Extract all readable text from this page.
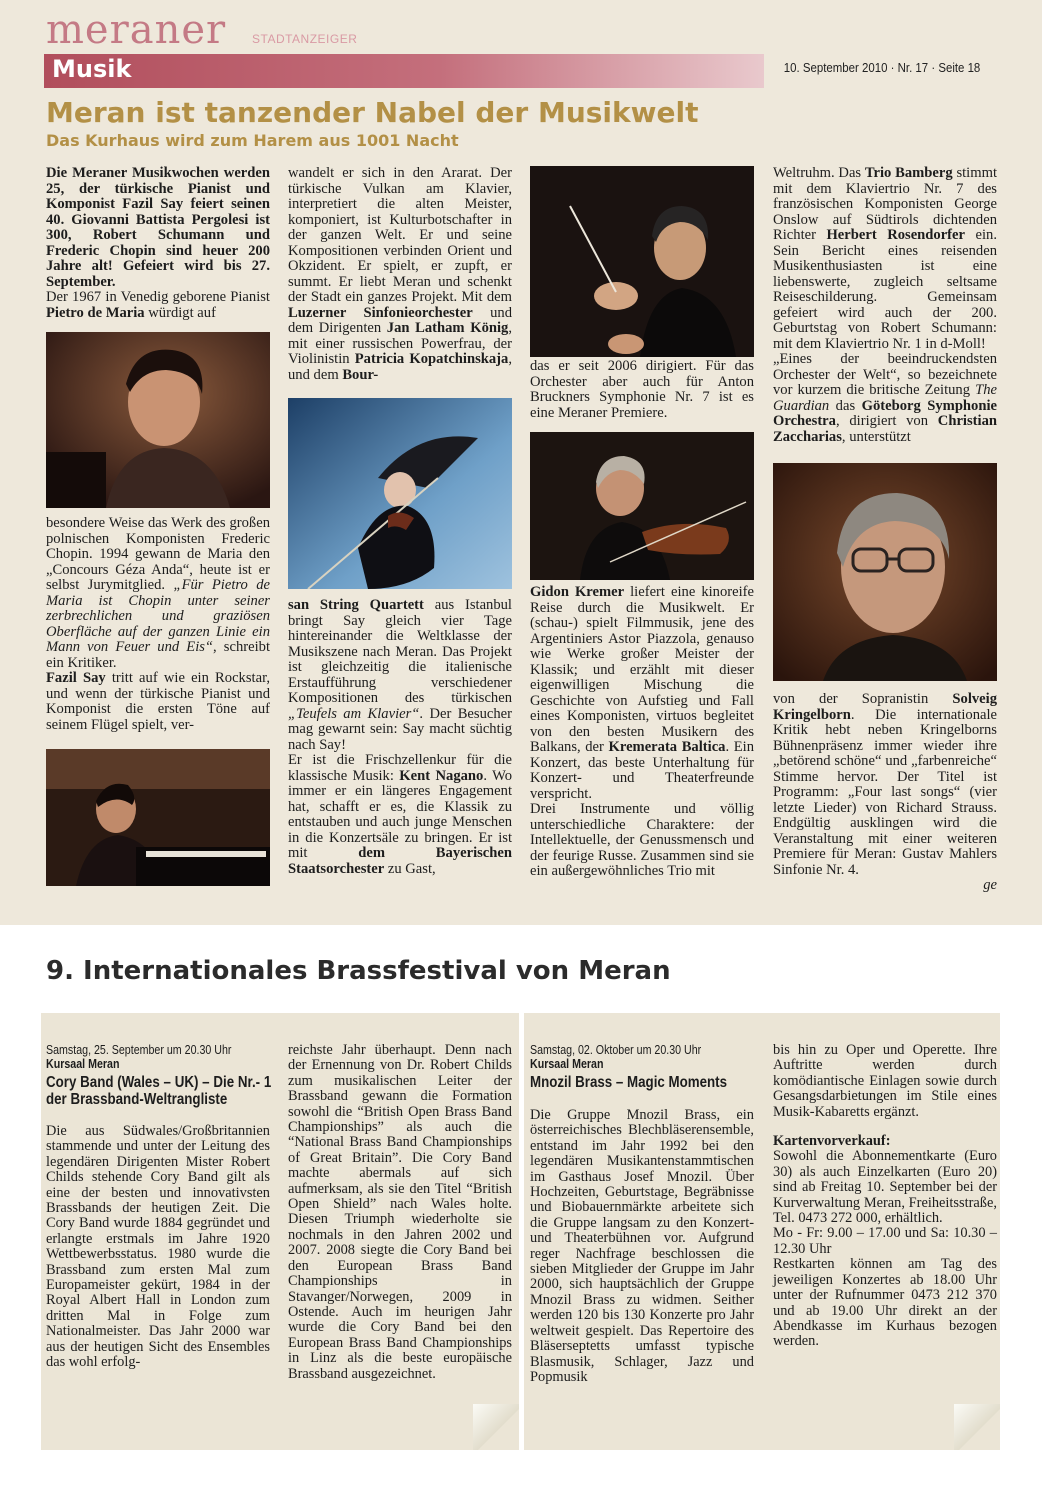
meraner STADTANZEIGER
Musik	10. September 2010 · Nr. 17 · Seite 18
Meran ist tanzender Nabel der Musikwelt
Das Kurhaus wird zum Harem aus 1001 Nacht

Die Meraner Musikwochen werden 25, der türkische Pianist und Komponist Fazil Say feiert seinen 40. Giovanni Battista Pergolesi ist 300, Robert Schumann und Frederic Chopin sind heuer 200 Jahre alt! Gefeiert wird bis 27. September.

Der 1967 in Venedig geborene Pianist Pietro de Maria würdigt auf

besondere Weise das Werk des großen polnischen Komponisten Frederic Chopin. 1994 gewann de Maria den „Concours Géza Anda“, heute ist er selbst Jurymitglied. „Für Pietro de Maria ist Chopin unter seiner zerbrechlichen und graziösen Oberfläche auf der ganzen Linie ein Mann von Feuer und Eis“, schreibt ein Kritiker.

Fazil Say tritt auf wie ein Rockstar, und wenn der türkische Pianist und Komponist die ersten Töne auf seinem Flügel spielt, ver-

wandelt er sich in den Ararat. Der türkische Vulkan am Klavier, interpretiert die alten Meister, komponiert, ist Kulturbotschafter in der ganzen Welt. Er und seine Kompositionen verbinden Orient und Okzident. Er spielt, er zupft, er summt. Er liebt Meran und schenkt der Stadt ein ganzes Projekt. Mit dem Luzerner Sinfonieorchester und dem Dirigenten Jan Latham König, mit einer russischen Powerfrau, der Violinistin Patricia Kopatchinskaja, und dem Bour-

san String Quartett aus Istanbul bringt Say gleich vier Tage hintereinander die Weltklasse der Musikszene nach Meran. Das Projekt ist gleichzeitig die italienische Erstaufführung verschiedener Kompositionen des türkischen „Teufels am Klavier“. Der Besucher mag gewarnt sein: Say macht süchtig nach Say!

Er ist die Frischzellenkur für die klassische Musik: Kent Nagano. Wo immer er ein längeres Engagement hat, schafft er es, die Klassik zu entstauben und auch junge Menschen in die Konzertsäle zu bringen. Er ist mit dem Bayerischen Staatsorchester zu Gast,

das er seit 2006 dirigiert. Für das Orchester aber auch für Anton Bruckners Symphonie Nr. 7 ist es eine Meraner Premiere.

Gidon Kremer liefert eine kinoreife Reise durch die Musikwelt. Er (schau-) spielt Filmmusik, jene des Argentiniers Astor Piazzola, genauso wie Werke großer Meister der Klassik; und erzählt mit dieser eigenwilligen Mischung die Geschichte von Aufstieg und Fall eines Komponisten, virtuos begleitet von den besten Musikern des Balkans, der Kremerata Baltica. Ein Konzert, das beste Unterhaltung für Konzert- und Theaterfreunde verspricht.

Drei Instrumente und völlig unterschiedliche Charaktere: der Intellektuelle, der Genussmensch und der feurige Russe. Zusammen sind sie ein außergewöhnliches Trio mit

Weltruhm. Das Trio Bamberg stimmt mit dem Klaviertrio Nr. 7 des französischen Komponisten George Onslow auf Südtirols dichtenden Richter Herbert Rosendorfer ein. Sein Bericht eines reisenden Musikenthusiasten ist eine liebenswerte, zugleich seltsame Reiseschilderung. Gemeinsam gefeiert wird auch der 200. Geburtstag von Robert Schumann: mit dem Klaviertrio Nr. 1 in d-Moll!

„Eines der beeindruckendsten Orchester der Welt“, so bezeichnete vor kurzem die britische Zeitung The Guardian das Göteborg Symphonie Orchestra, dirigiert von Christian Zaccharias, unterstützt

von der Sopranistin Solveig Kringelborn. Die internationale Kritik hebt neben Kringelborns Bühnenpräsenz immer wieder ihre „betörend schöne“ und „farbenreiche“ Stimme hervor. Der Titel ist Programm: „Four last songs“ (vier letzte Lieder) von Richard Strauss. Endgültig ausklingen wird die Veranstaltung mit einer weiteren Premiere für Meran: Gustav Mahlers Sinfonie Nr. 4.

ge

9. Internationales Brassfestival von Meran
Samstag, 25. September um 20.30 Uhr
Kursaal Meran
Cory Band (Wales – UK) – Die Nr.- 1 der Brassband-Weltrangliste

Die aus Südwales/Großbritannien stammende und unter der Leitung des legendären Dirigenten Mister Robert Childs stehende Cory Band gilt als eine der besten und innovativsten Brassbands der heutigen Zeit. Die Cory Band wurde 1884 gegründet und erlangte erstmals im Jahre 1920 Wettbewerbsstatus. 1980 wurde die Brassband zum ersten Mal zum Europameister gekürt, 1984 in der Royal Albert Hall in London zum dritten Mal in Folge zum Nationalmeister. Das Jahr 2000 war aus der heutigen Sicht des Ensembles das wohl erfolg-

reichste Jahr überhaupt. Denn nach der Ernennung von Dr. Robert Childs zum musikalischen Leiter der Brassband gewann die Formation sowohl die “British Open Brass Band Championships” als auch die “National Brass Band Championships of Great Britain”. Die Cory Band machte abermals auf sich aufmerksam, als sie den Titel “British Open Shield” nach Wales holte. Diesen Triumph wiederholte sie nochmals in den Jahren 2002 und 2007. 2008 siegte die Cory Band bei den European Brass Band Championships in Stavanger/Norwegen, 2009 in Ostende. Auch im heurigen Jahr wurde die Cory Band bei den European Brass Band Championships in Linz als die beste europäische Brassband ausgezeichnet.

Samstag, 02. Oktober um 20.30 Uhr
Kursaal Meran
Mnozil Brass – Magic Moments

Die Gruppe Mnozil Brass, ein österreichisches Blechbläserensemble, entstand im Jahr 1992 bei den legendären Musikantenstammtischen im Gasthaus Josef Mnozil. Über Hochzeiten, Geburtstage, Begräbnisse und Biobauernmärkte arbeitete sich die Gruppe langsam zu den Konzert- und Theaterbühnen vor. Aufgrund reger Nachfrage beschlossen die sieben Mitglieder der Gruppe im Jahr 2000, sich hauptsächlich der Gruppe Mnozil Brass zu widmen. Seither werden 120 bis 130 Konzerte pro Jahr weltweit gespielt. Das Repertoire des Bläserseptetts umfasst typische Blasmusik, Schlager, Jazz und Popmusik

bis hin zu Oper und Operette. Ihre Auftritte werden durch komödiantische Einlagen sowie durch Gesangsdarbietungen im Stile eines Musik-Kabaretts ergänzt.

Kartenvorverkauf:

Sowohl die Abonnementkarte (Euro 30) als auch Einzelkarten (Euro 20) sind ab Freitag 10. September bei der Kurverwaltung Meran, Freiheitsstraße, Tel. 0473 272 000, erhältlich.

Mo - Fr: 9.00 – 17.00 und Sa: 10.30 – 12.30 Uhr

Restkarten können am Tag des jeweiligen Konzertes ab 18.00 Uhr unter der Rufnummer 0473 212 370 und ab 19.00 Uhr direkt an der Abendkasse im Kurhaus bezogen werden.
